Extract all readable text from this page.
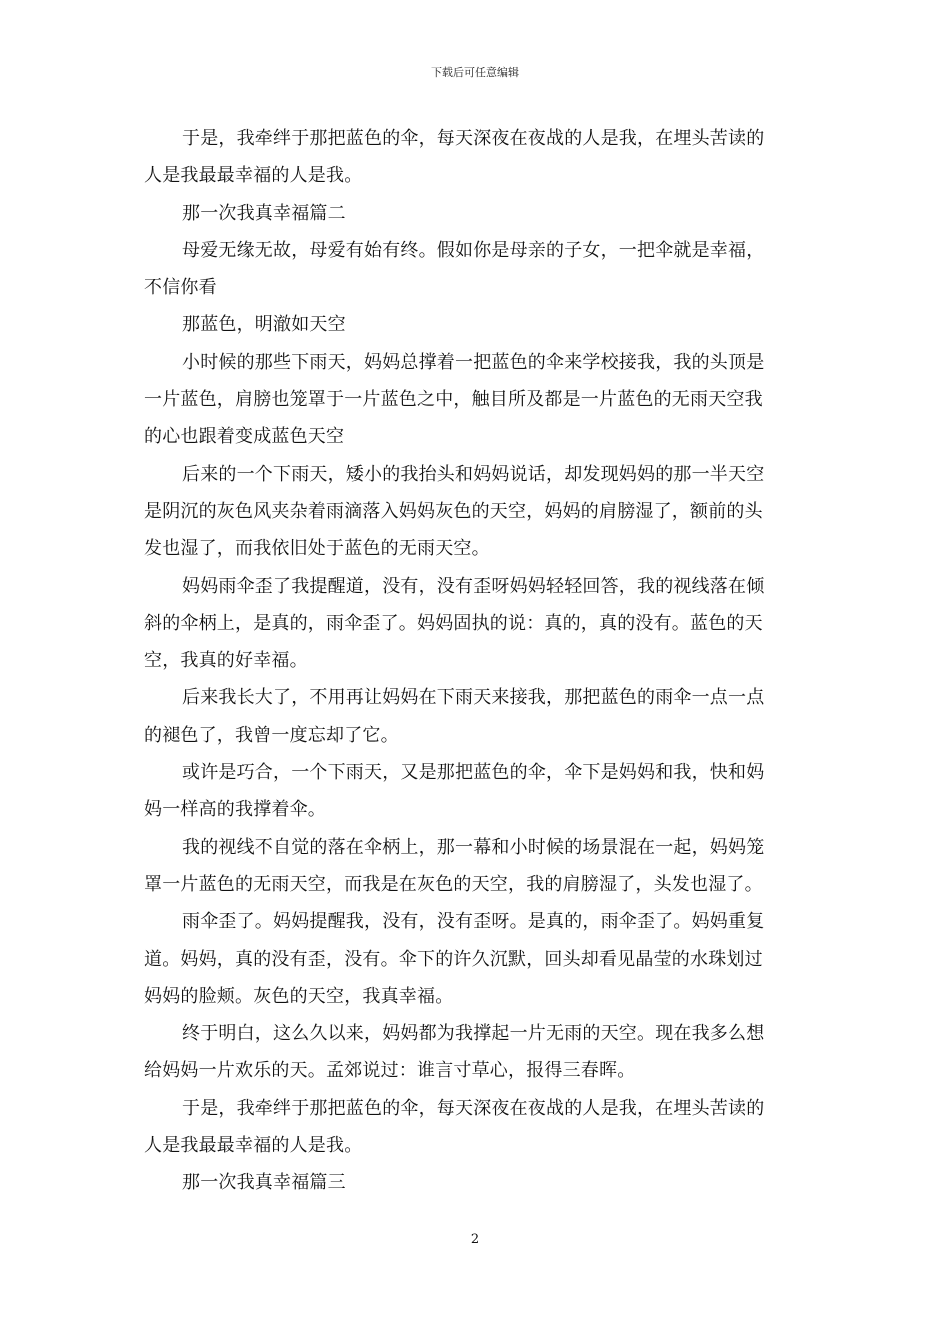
下载后可任意编辑

于是，我牵绊于那把蓝色的伞，每天深夜在夜战的人是我，在埋头苦读的
人是我最最幸福的人是我。

那一次我真幸福篇二

母爱无缘无故，母爱有始有终。假如你是母亲的子女，一把伞就是幸福，
不信你看

那蓝色，明澈如天空

小时候的那些下雨天，妈妈总撑着一把蓝色的伞来学校接我，我的头顶是
一片蓝色，肩膀也笼罩于一片蓝色之中，触目所及都是一片蓝色的无雨天空我
的心也跟着变成蓝色天空

后来的一个下雨天，矮小的我抬头和妈妈说话，却发现妈妈的那一半天空
是阴沉的灰色风夹杂着雨滴落入妈妈灰色的天空，妈妈的肩膀湿了，额前的头
发也湿了，而我依旧处于蓝色的无雨天空。

妈妈雨伞歪了我提醒道，没有，没有歪呀妈妈轻轻回答，我的视线落在倾
斜的伞柄上，是真的，雨伞歪了。妈妈固执的说：真的，真的没有。蓝色的天
空，我真的好幸福。

后来我长大了，不用再让妈妈在下雨天来接我，那把蓝色的雨伞一点一点
的褪色了，我曾一度忘却了它。

或许是巧合，一个下雨天，又是那把蓝色的伞，伞下是妈妈和我，快和妈
妈一样高的我撑着伞。

我的视线不自觉的落在伞柄上，那一幕和小时候的场景混在一起，妈妈笼
罩一片蓝色的无雨天空，而我是在灰色的天空，我的肩膀湿了，头发也湿了。

雨伞歪了。妈妈提醒我，没有，没有歪呀。是真的，雨伞歪了。妈妈重复
道。妈妈，真的没有歪，没有。伞下的许久沉默，回头却看见晶莹的水珠划过
妈妈的脸颊。灰色的天空，我真幸福。

终于明白，这么久以来，妈妈都为我撑起一片无雨的天空。现在我多么想
给妈妈一片欢乐的天。孟郊说过：谁言寸草心，报得三春晖。

于是，我牵绊于那把蓝色的伞，每天深夜在夜战的人是我，在埋头苦读的
人是我最最幸福的人是我。

那一次我真幸福篇三

2
